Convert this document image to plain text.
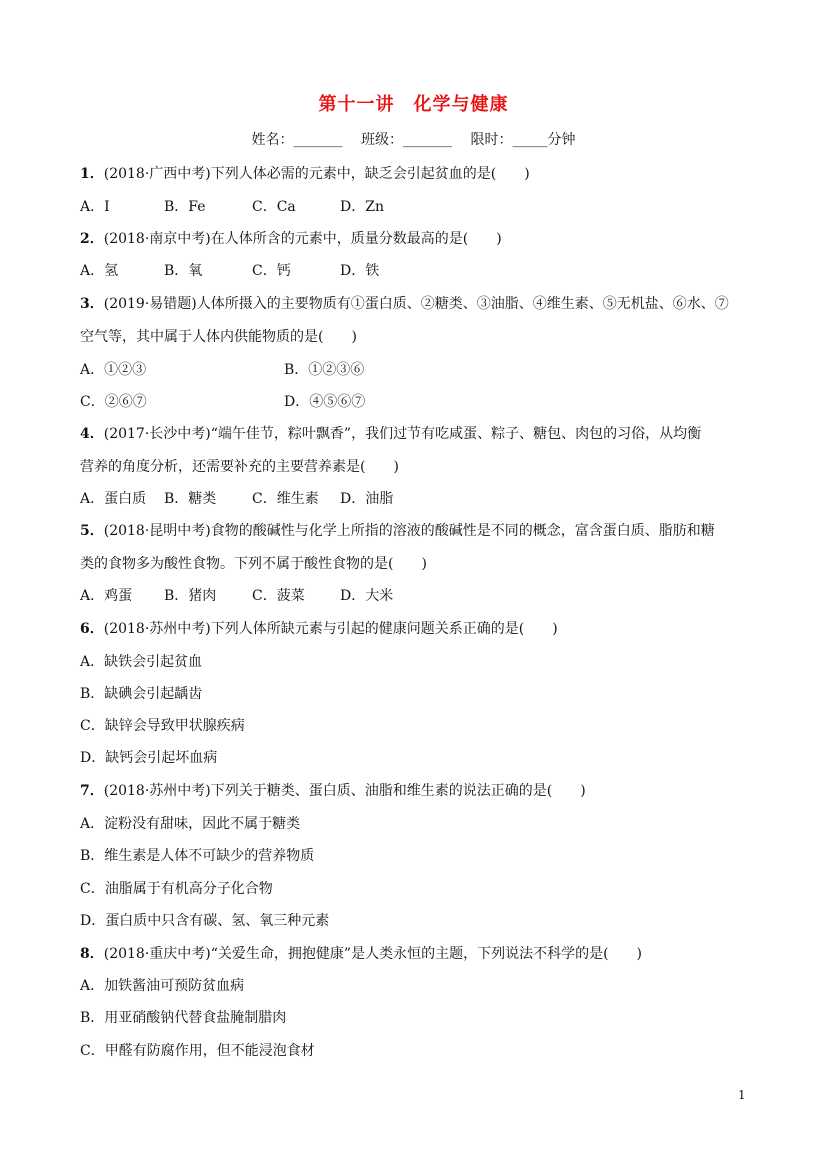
第十一讲　化学与健康
姓名：_______ 班级：_______ 限时：_____分钟
1．(2018·广西中考)下列人体必需的元素中，缺乏会引起贫血的是(　　)
A．I	B．Fe	C．Ca	D．Zn
2．(2018·南京中考)在人体所含的元素中，质量分数最高的是(　　)
A．氢	B．氧	C．钙	D．铁
3．(2019·易错题)人体所摄入的主要物质有①蛋白质、②糖类、③油脂、④维生素、⑤无机盐、⑥水、⑦
空气等，其中属于人体内供能物质的是(　　)
A．①②③	B．①②③⑥
C．②⑥⑦	D．④⑤⑥⑦
4．(2017·长沙中考)“端午佳节，粽叶飘香”，我们过节有吃咸蛋、粽子、糖包、肉包的习俗，从均衡
营养的角度分析，还需要补充的主要营养素是(　　)
A．蛋白质 B．糖类	C．维生素 D．油脂
5．(2018·昆明中考)食物的酸碱性与化学上所指的溶液的酸碱性是不同的概念，富含蛋白质、脂肪和糖
类的食物多为酸性食物。下列不属于酸性食物的是(　　)
A．鸡蛋 B．猪肉	C．菠菜	D．大米
6．(2018·苏州中考)下列人体所缺元素与引起的健康问题关系正确的是(　　)
A．缺铁会引起贫血
B．缺碘会引起龋齿
C．缺锌会导致甲状腺疾病
D．缺钙会引起坏血病
7．(2018·苏州中考)下列关于糖类、蛋白质、油脂和维生素的说法正确的是(　　)
A．淀粉没有甜味，因此不属于糖类
B．维生素是人体不可缺少的营养物质
C．油脂属于有机高分子化合物
D．蛋白质中只含有碳、氢、氧三种元素
8．(2018·重庆中考)“关爱生命，拥抱健康”是人类永恒的主题，下列说法不科学的是(　　)
A．加铁酱油可预防贫血病
B．用亚硝酸钠代替食盐腌制腊肉
C．甲醛有防腐作用，但不能浸泡食材
1
